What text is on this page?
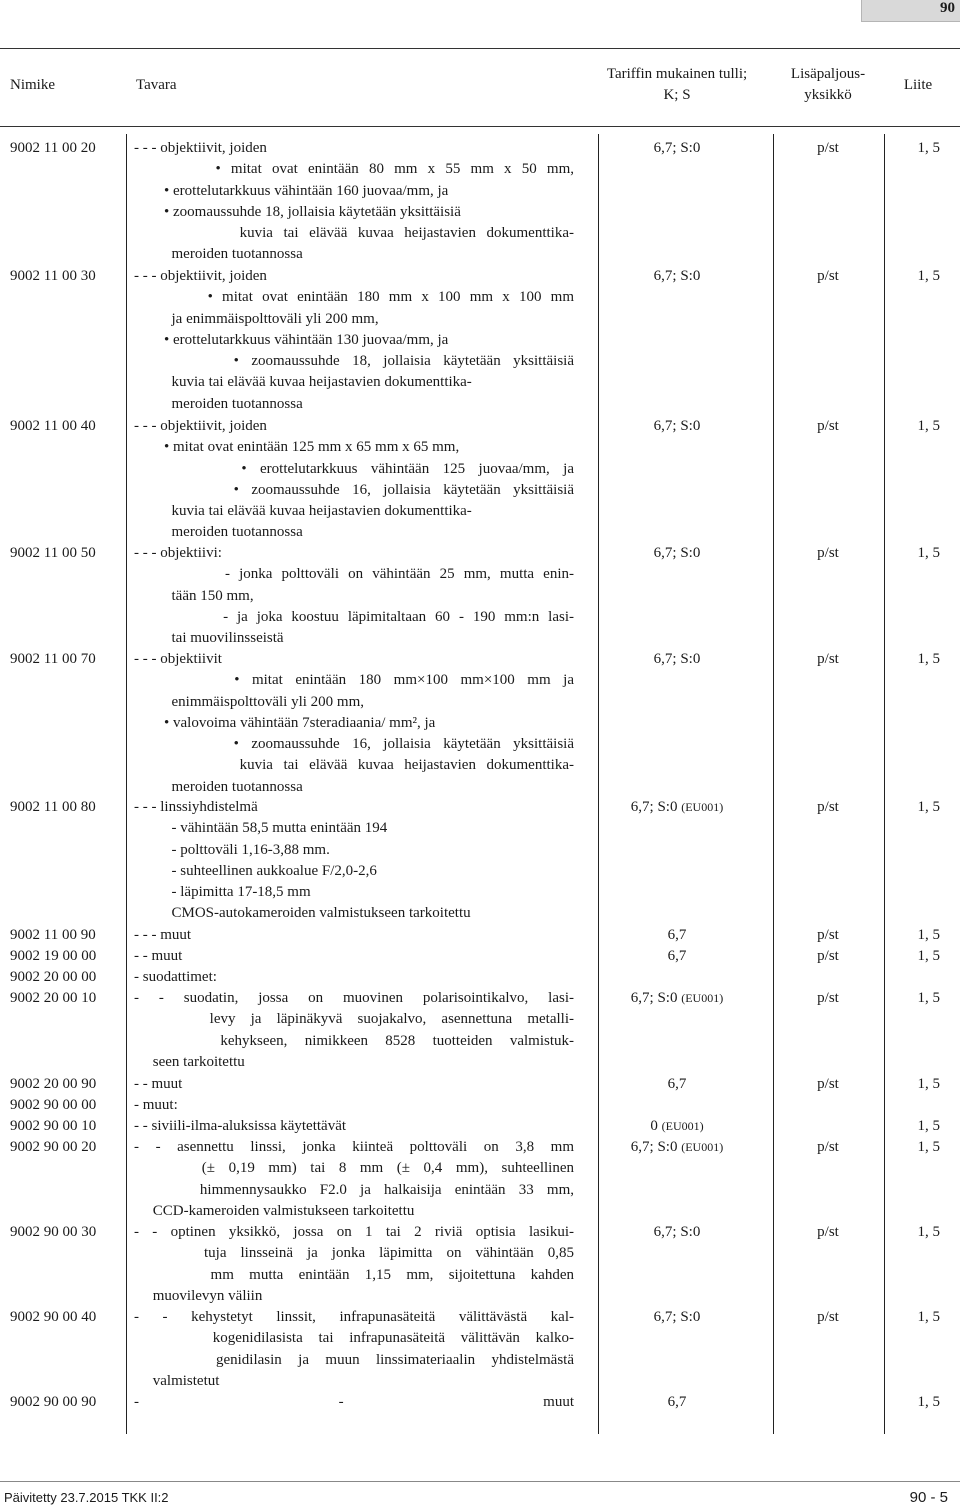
90
Nimike	Tavara
Tariffin mukainen tulli;
K; S
Lisäpaljous-
yksikkö
Liite
9002 11 00 20	- - - objektiivit, joiden
• mitat ovat enintään 80 mm x 55 mm x 50 mm,
• erottelutarkkuus vähintään 160 juovaa/mm, ja
• zoomaussuhde 18, jollaisia käytetään yksittäisiä
kuvia tai elävää kuvaa heijastavien dokumenttika-
meroiden tuotannossa
6,7; S:0	p/st	1, 5
9002 11 00 30	- - - objektiivit, joiden
• mitat ovat enintään 180 mm x 100 mm x 100 mm
ja enimmäispolttoväli yli 200 mm,
• erottelutarkkuus vähintään 130 juovaa/mm, ja
• zoomaussuhde 18, jollaisia käytetään yksittäisiä
kuvia tai elävää kuvaa heijastavien dokumenttika-
meroiden tuotannossa
6,7; S:0	p/st	1, 5
9002 11 00 40	- - - objektiivit, joiden
• mitat ovat enintään 125 mm x 65 mm x 65 mm,
• erottelutarkkuus vähintään 125 juovaa/mm, ja
• zoomaussuhde 16, jollaisia käytetään yksittäisiä
kuvia tai elävää kuvaa heijastavien dokumenttika-
meroiden tuotannossa
6,7; S:0	p/st	1, 5
9002 11 00 50	- - - objektiivi:
- jonka polttoväli on vähintään 25 mm, mutta enin-
tään 150 mm,
- ja joka koostuu läpimitaltaan 60 - 190 mm:n lasi-
tai muovilinsseistä
6,7; S:0	p/st	1, 5
9002 11 00 70	- - - objektiivit
• mitat enintään 180 mm×100 mm×100 mm ja
enimmäispolttoväli yli 200 mm,
• valovoima vähintään 7steradiaania/ mm², ja
• zoomaussuhde 16, jollaisia käytetään yksittäisiä
kuvia tai elävää kuvaa heijastavien dokumenttika-
meroiden tuotannossa
6,7; S:0	p/st	1, 5
9002 11 00 80	- - - linssiyhdistelmä
- vähintään 58,5 mutta enintään 194
- polttoväli 1,16-3,88 mm.
- suhteellinen aukkoalue F/2,0-2,6
- läpimitta 17-18,5 mm
CMOS-autokameroiden valmistukseen tarkoitettu
6,7; S:0 (EU001)	p/st	1, 5
9002 11 00 90	- - - muut	6,7	p/st	1, 5
9002 19 00 00	- - muut	6,7	p/st	1, 5
9002 20 00 00	- suodattimet:
9002 20 00 10	- - suodatin, jossa on muovinen polarisointikalvo, lasi-
levy ja läpinäkyvä suojakalvo, asennettuna metalli-
kehykseen, nimikkeen 8528 tuotteiden valmistuk-
seen tarkoitettu
6,7; S:0 (EU001)	p/st	1, 5
9002 20 00 90	- - muut	6,7	p/st	1, 5
9002 90 00 00	- muut:
9002 90 00 10	- - siviili-ilma-aluksissa käytettävät	0 (EU001)	1, 5
9002 90 00 20	- - asennettu linssi, jonka kiinteä polttoväli on 3,8 mm
(± 0,19 mm) tai 8 mm (± 0,4 mm), suhteellinen
himmennysaukko F2.0 ja halkaisija enintään 33 mm,
CCD-kameroiden valmistukseen tarkoitettu
6,7; S:0 (EU001)	p/st	1, 5
9002 90 00 30	- - optinen yksikkö, jossa on 1 tai 2 riviä optisia lasikui-
tuja linsseinä ja jonka läpimitta on vähintään 0,85
mm mutta enintään 1,15 mm, sijoitettuna kahden
muovilevyn väliin
6,7; S:0	p/st	1, 5
9002 90 00 40	- - kehystetyt linssit, infrapunasäteitä välittävästä kal-
kogenidilasista tai infrapunasäteitä välittävän kalko-
genidilasin ja muun linssimateriaalin yhdistelmästä
valmistetut
6,7; S:0	p/st	1, 5
9002 90 00 90	- - muut	6,7	1, 5
Päivitetty 23.7.2015 TKK II:2	90 - 5
